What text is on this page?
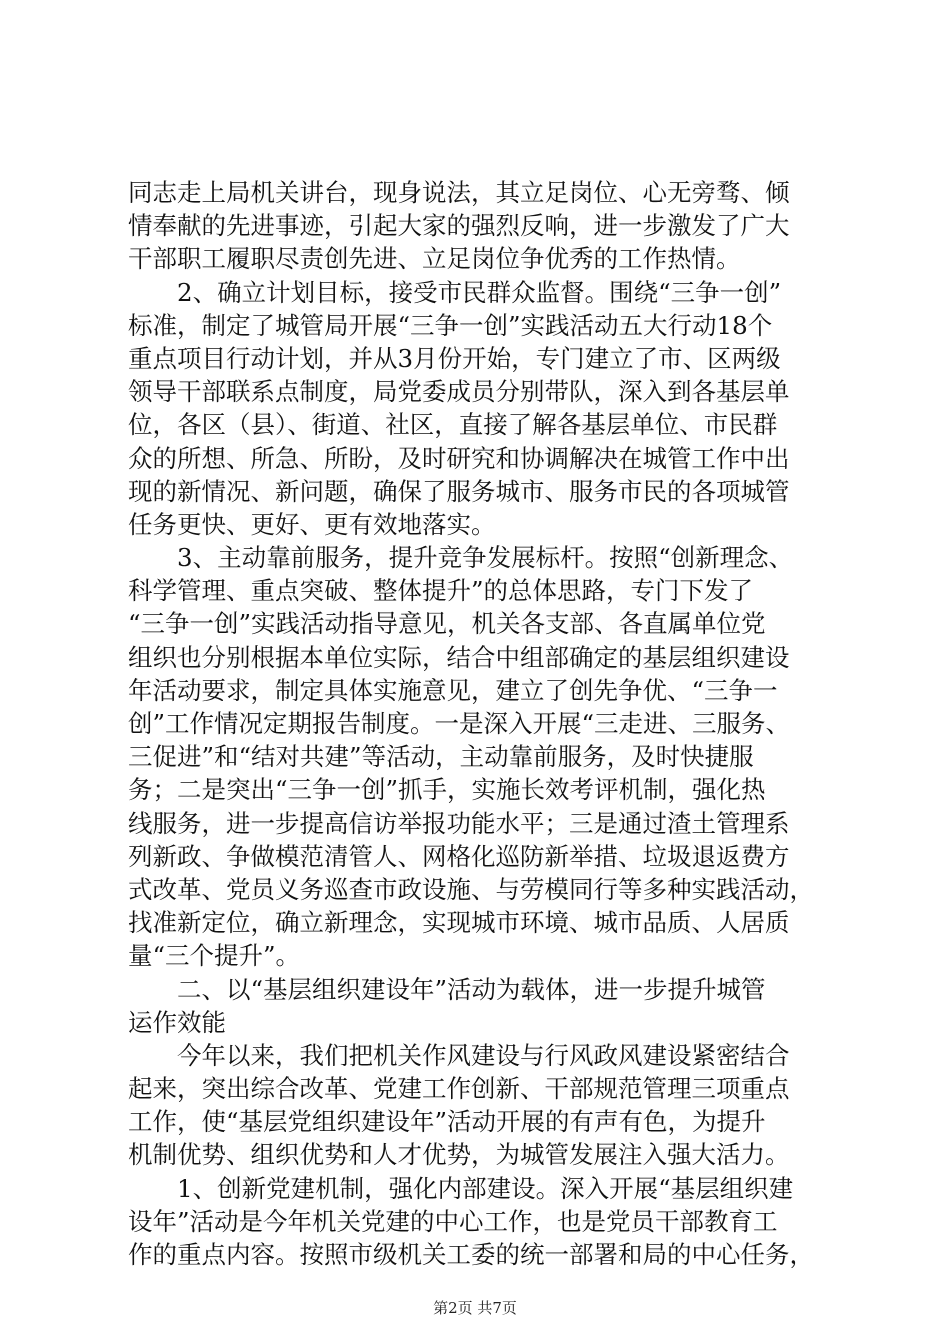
同志走上局机关讲台，现身说法，其立足岗位、心无旁骛、倾
情奉献的先进事迹，引起大家的强烈反响，进一步激发了广大
干部职工履职尽责创先进、立足岗位争优秀的工作热情。
　　2、确立计划目标，接受市民群众监督。围绕“三争一创”
标准，制定了城管局开展“三争一创”实践活动五大行动18个
重点项目行动计划，并从3月份开始，专门建立了市、区两级
领导干部联系点制度，局党委成员分别带队，深入到各基层单
位，各区（县）、街道、社区，直接了解各基层单位、市民群
众的所想、所急、所盼，及时研究和协调解决在城管工作中出
现的新情况、新问题，确保了服务城市、服务市民的各项城管
任务更快、更好、更有效地落实。
　　3、主动靠前服务，提升竞争发展标杆。按照“创新理念、
科学管理、重点突破、整体提升”的总体思路，专门下发了
“三争一创”实践活动指导意见，机关各支部、各直属单位党
组织也分别根据本单位实际，结合中组部确定的基层组织建设
年活动要求，制定具体实施意见，建立了创先争优、“三争一
创”工作情况定期报告制度。一是深入开展“三走进、三服务、
三促进”和“结对共建”等活动，主动靠前服务，及时快捷服
务；二是突出“三争一创”抓手，实施长效考评机制，强化热
线服务，进一步提高信访举报功能水平；三是通过渣土管理系
列新政、争做模范清管人、网格化巡防新举措、垃圾退返费方
式改革、党员义务巡查市政设施、与劳模同行等多种实践活动，
找准新定位，确立新理念，实现城市环境、城市品质、人居质
量“三个提升”。
　　二、以“基层组织建设年”活动为载体，进一步提升城管
运作效能
　　今年以来，我们把机关作风建设与行风政风建设紧密结合
起来，突出综合改革、党建工作创新、干部规范管理三项重点
工作，使“基层党组织建设年”活动开展的有声有色，为提升
机制优势、组织优势和人才优势，为城管发展注入强大活力。
　　1、创新党建机制，强化内部建设。深入开展“基层组织建
设年”活动是今年机关党建的中心工作，也是党员干部教育工
作的重点内容。按照市级机关工委的统一部署和局的中心任务，
第2页 共7页
